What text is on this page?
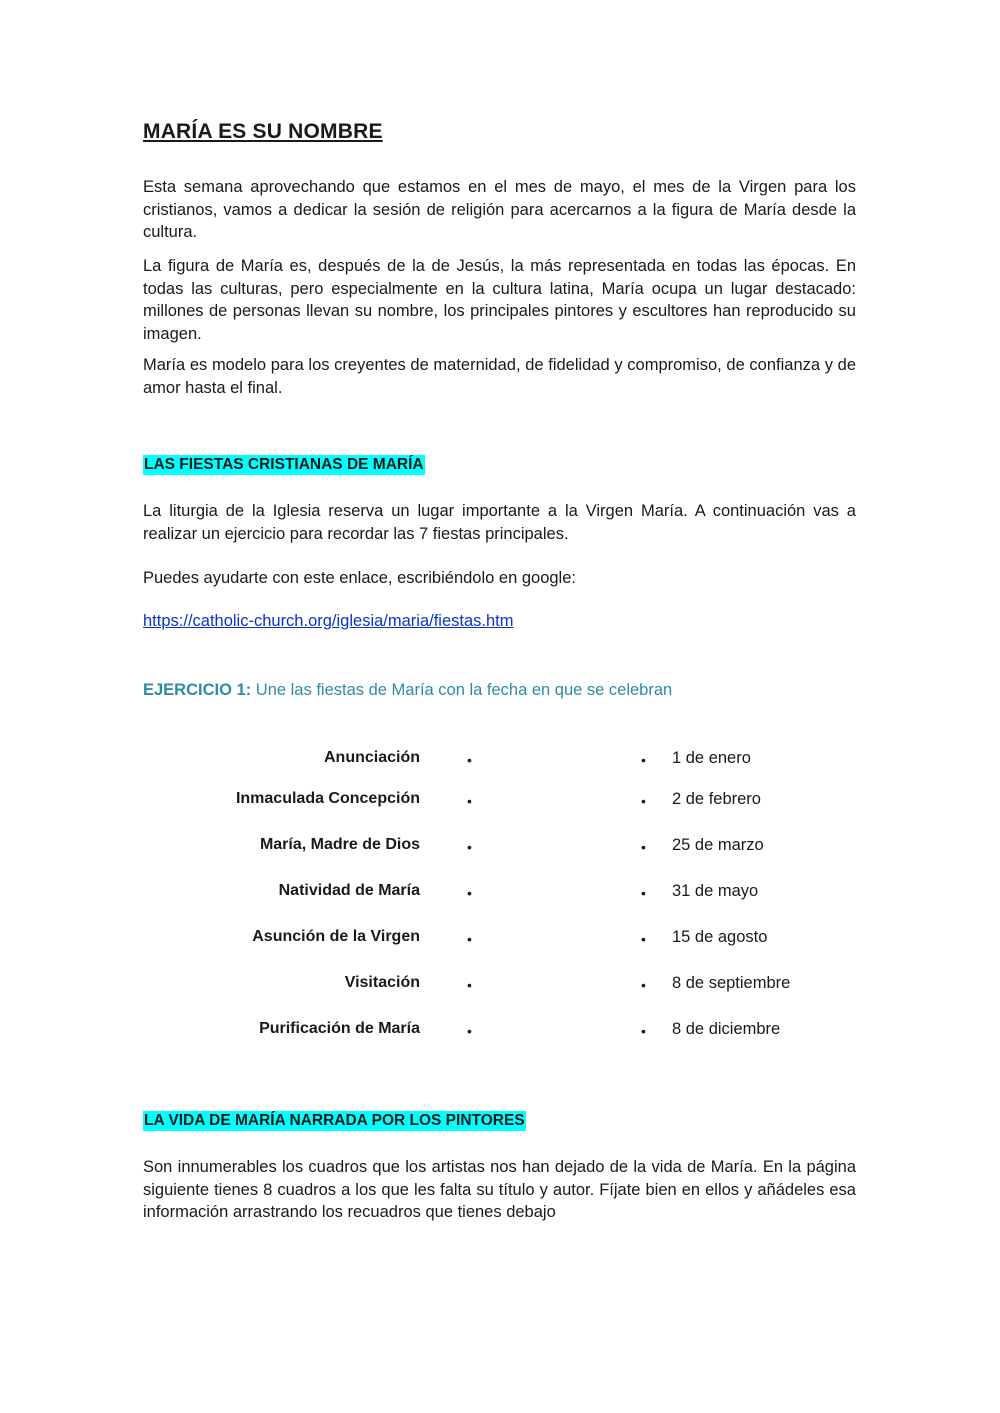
MARÍA ES SU NOMBRE

Esta semana aprovechando que estamos en el mes de mayo, el mes de la Virgen para los cristianos, vamos a dedicar la sesión de religión para acercarnos a la figura de María desde la cultura.

La figura de María es, después de la de Jesús, la más representada en todas las épocas. En todas las culturas, pero especialmente en la cultura latina, María ocupa un lugar destacado: millones de personas llevan su nombre, los principales pintores y escultores han reproducido su imagen.

María es modelo para los creyentes de maternidad, de fidelidad y compromiso, de confianza y de amor hasta el final.

LAS FIESTAS CRISTIANAS DE MARÍA

La liturgia de la Iglesia reserva un lugar importante a la Virgen María. A continuación vas a realizar un ejercicio para recordar las 7 fiestas principales.

Puedes ayudarte con este enlace, escribiéndolo en google:

https://catholic-church.org/iglesia/maria/fiestas.htm
EJERCICIO 1: Une las fiestas de María con la fecha en que se celebran
Anunciación
Inmaculada Concepción
María, Madre de Dios
Natividad de María
Asunción de la Virgen
Visitación
Purificación de María
•
•
•
•
•
•
•
•
•
•
•
•
•
•
1 de enero
2 de febrero
25 de marzo
31 de mayo
15 de agosto
8 de septiembre
8 de diciembre
LA VIDA DE MARÍA NARRADA POR LOS PINTORES

Son innumerables los cuadros que los artistas nos han dejado de la vida de María. En la página siguiente tienes 8 cuadros a los que les falta su título y autor. Fíjate bien en ellos y añádeles esa información arrastrando los recuadros que tienes debajo
